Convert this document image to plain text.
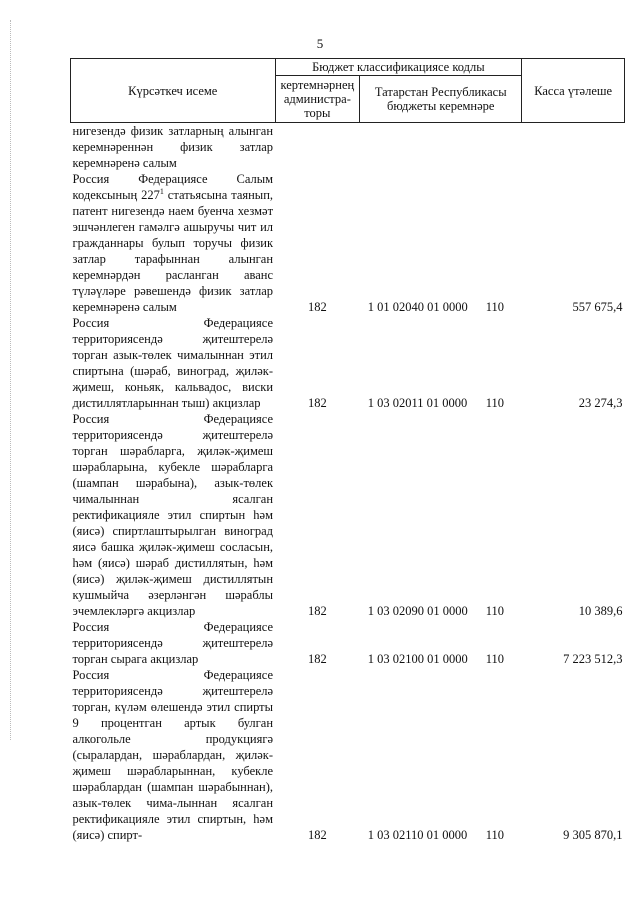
5
Күрсәткеч исеме	Бюджет классификациясе кодлы		Касса үтәлеше
	кертемнәрнең администра-торы	Татарстан Республикасы бюджеты керемнәре	
нигезендә физик затларның алынган керемнәреннән физик затлар керемнәренә салым			
Россия Федерациясе Салым кодексының $227^1$ статьясына таянып, патент нигезендә наем буенча хезмәт эшчәнлеген гамәлгә ашыручы чит ил гражданнары булып торучы физик затлар тарафыннан алынган керемнәрдән расланган аванс түләүләре рәвешендә физик затлар керемнәренә салым	182	1 01 02040 01 0000 110	557 675,4
Россия Федерациясе территориясендә җитештерелә торган азык-төлек чималыннан этил спиртына (шәраб, виноград, җиләк-җимеш, коньяк, кальвадос, виски дистиллятларыннан тыш) акцизлар	182	1 03 02011 01 0000 110	23 274,3
Россия Федерациясе территориясендә җитештерелә торган шәрабларга, җиләк-җимеш шәрабларына, кубекле шәрабларга (шампан шәрабына), азык-төлек чималыннан ясалган ректификацияле этил спиртын һәм (яисә) спиртлаштырылган виноград яисә башка җиләк-җимеш сосласын, һәм (яисә) шәраб дистиллятын, һәм (яисә) җиләк-җимеш дистиллятын кушмыйча әзерләнгән шәраблы эчемлекләргә акцизлар	182	1 03 02090 01 0000 110	10 389,6
Россия Федерациясе территориясендә җитештерелә торган сырага акцизлар	182	1 03 02100 01 0000 110	7 223 512,3
Россия Федерациясе территориясендә җитештерелә торган, күләм өлешендә этил спирты 9 процентган артык булган алкогольле продукциягә (сыралардан, шәраблардан, җиләк-җимеш шәрабларыннан, кубекле шәраблардан (шампан шәрабыннан), азык-төлек чима-лыннан ясалган ректификацияле этил спиртын, һәм (яисә) спирт-	182	1 03 02110 01 0000 110	9 305 870,1
